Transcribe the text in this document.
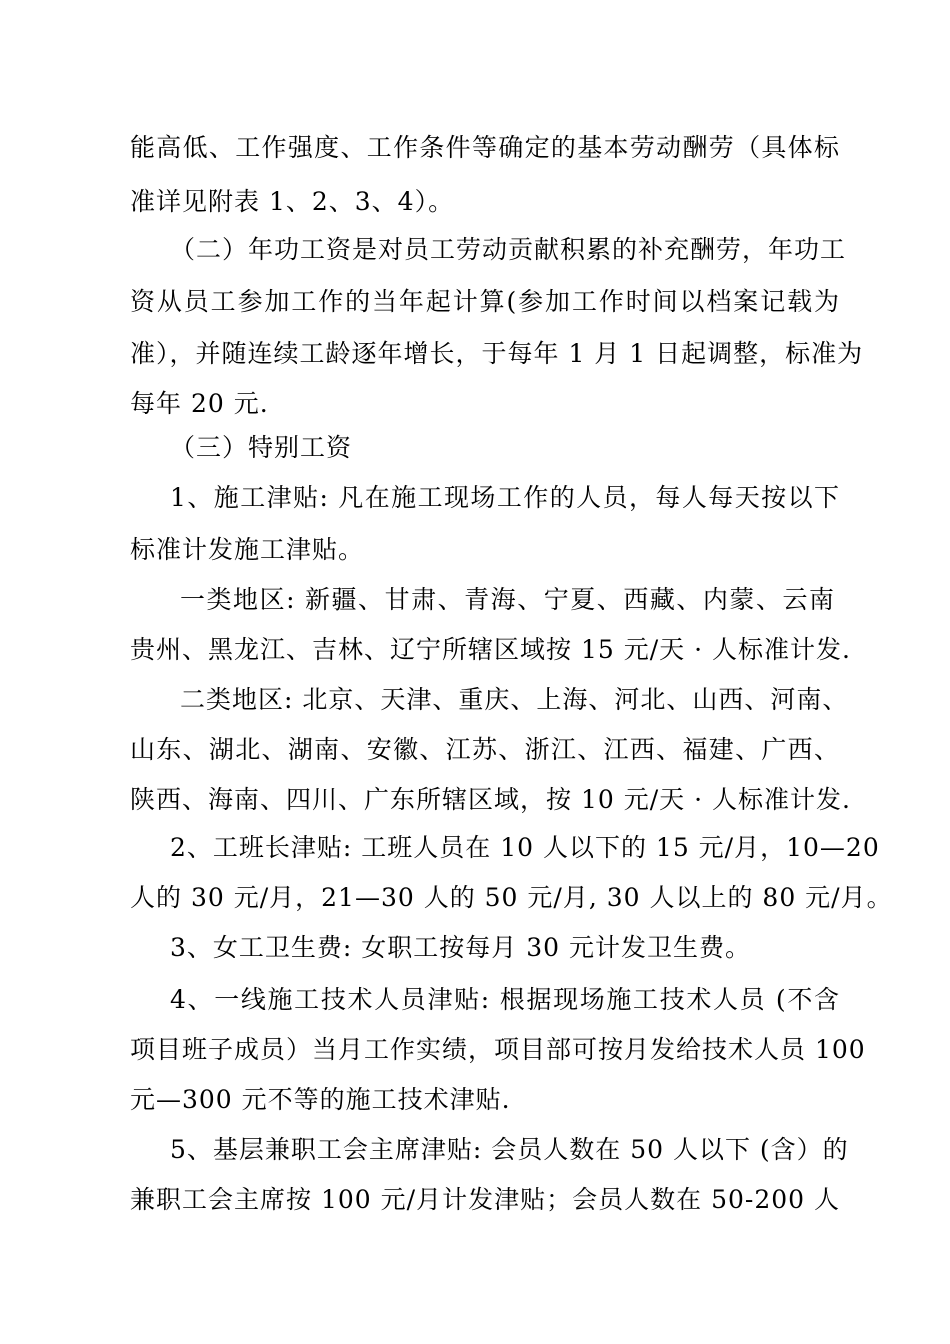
能高低、工作强度、工作条件等确定的基本劳动酬劳（具体标
准详见附表 1、2、3、4）。
（二）年功工资是对员工劳动贡献积累的补充酬劳，年功工
资从员工参加工作的当年起计算(参加工作时间以档案记载为
准），并随连续工龄逐年增长，于每年 1 月 1 日起调整，标准为
每年 20 元.
（三）特别工资
1、施工津贴: 凡在施工现场工作的人员，每人每天按以下
标准计发施工津贴。
一类地区: 新疆、甘肃、青海、宁夏、西藏、内蒙、云南
贵州、黑龙江、吉林、辽宁所辖区域按 15 元/天 · 人标准计发.
二类地区: 北京、天津、重庆、上海、河北、山西、河南、
山东、湖北、湖南、安徽、江苏、浙江、江西、福建、广西、
陕西、海南、四川、广东所辖区域，按 10 元/天 · 人标准计发.
2、工班长津贴: 工班人员在 10 人以下的 15 元/月，10—20
人的 30 元/月，21—30 人的 50 元/月, 30 人以上的 80 元/月。
3、女工卫生费: 女职工按每月 30 元计发卫生费。
4、一线施工技术人员津贴: 根据现场施工技术人员 (不含
项目班子成员）当月工作实绩，项目部可按月发给技术人员 100
元—300 元不等的施工技术津贴.
5、基层兼职工会主席津贴: 会员人数在 50 人以下 (含）的
兼职工会主席按 100 元/月计发津贴；会员人数在 50-200 人
